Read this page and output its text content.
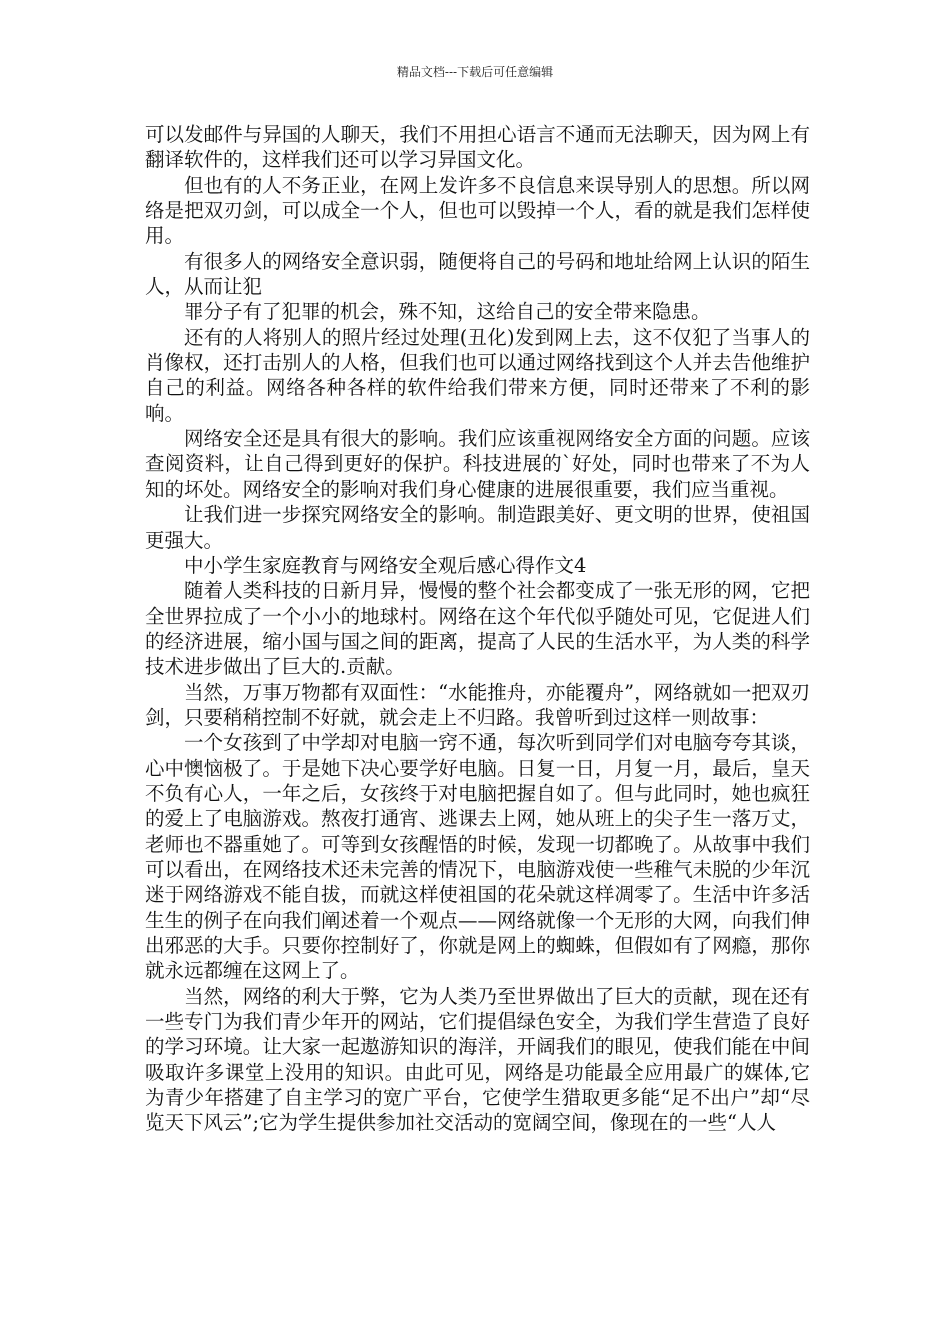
精品文档---下载后可任意编辑

可以发邮件与异国的人聊天，我们不用担心语言不通而无法聊天，因为网上有翻译软件的，这样我们还可以学习异国文化。

但也有的人不务正业，在网上发许多不良信息来误导别人的思想。所以网络是把双刃剑，可以成全一个人，但也可以毁掉一个人，看的就是我们怎样使用。

有很多人的网络安全意识弱，随便将自己的号码和地址给网上认识的陌生人，从而让犯

罪分子有了犯罪的机会，殊不知，这给自己的安全带来隐患。

还有的人将别人的照片经过处理(丑化)发到网上去，这不仅犯了当事人的肖像权，还打击别人的人格，但我们也可以通过网络找到这个人并去告他维护自己的利益。网络各种各样的软件给我们带来方便，同时还带来了不利的影响。

网络安全还是具有很大的影响。我们应该重视网络安全方面的问题。应该查阅资料，让自己得到更好的保护。科技进展的`好处，同时也带来了不为人知的坏处。网络安全的影响对我们身心健康的进展很重要，我们应当重视。

让我们进一步探究网络安全的影响。制造跟美好、更文明的世界，使祖国更强大。

中小学生家庭教育与网络安全观后感心得作文4

随着人类科技的日新月异，慢慢的整个社会都变成了一张无形的网，它把全世界拉成了一个小小的地球村。网络在这个年代似乎随处可见，它促进人们的经济进展，缩小国与国之间的距离，提高了人民的生活水平，为人类的科学技术进步做出了巨大的.贡献。

当然，万事万物都有双面性：“水能推舟，亦能覆舟”，网络就如一把双刃剑，只要稍稍控制不好就，就会走上不归路。我曾听到过这样一则故事：

一个女孩到了中学却对电脑一窍不通，每次听到同学们对电脑夸夸其谈，心中懊恼极了。于是她下决心要学好电脑。日复一日，月复一月，最后，皇天不负有心人，一年之后，女孩终于对电脑把握自如了。但与此同时，她也疯狂的爱上了电脑游戏。熬夜打通宵、逃课去上网，她从班上的尖子生一落万丈，老师也不器重她了。可等到女孩醒悟的时候，发现一切都晚了。从故事中我们可以看出，在网络技术还未完善的情况下，电脑游戏使一些稚气未脱的少年沉迷于网络游戏不能自拔，而就这样使祖国的花朵就这样凋零了。生活中许多活生生的例子在向我们阐述着一个观点——网络就像一个无形的大网，向我们伸出邪恶的大手。只要你控制好了，你就是网上的蜘蛛，但假如有了网瘾，那你就永远都缠在这网上了。

当然，网络的利大于弊，它为人类乃至世界做出了巨大的贡献，现在还有一些专门为我们青少年开的网站，它们提倡绿色安全，为我们学生营造了良好的学习环境。让大家一起遨游知识的海洋，开阔我们的眼见，使我们能在中间吸取许多课堂上没用的知识。由此可见，网络是功能最全应用最广的媒体,它为青少年搭建了自主学习的宽广平台，它使学生猎取更多能“足不出户”却“尽览天下风云”;它为学生提供参加社交活动的宽阔空间，像现在的一些“人人
